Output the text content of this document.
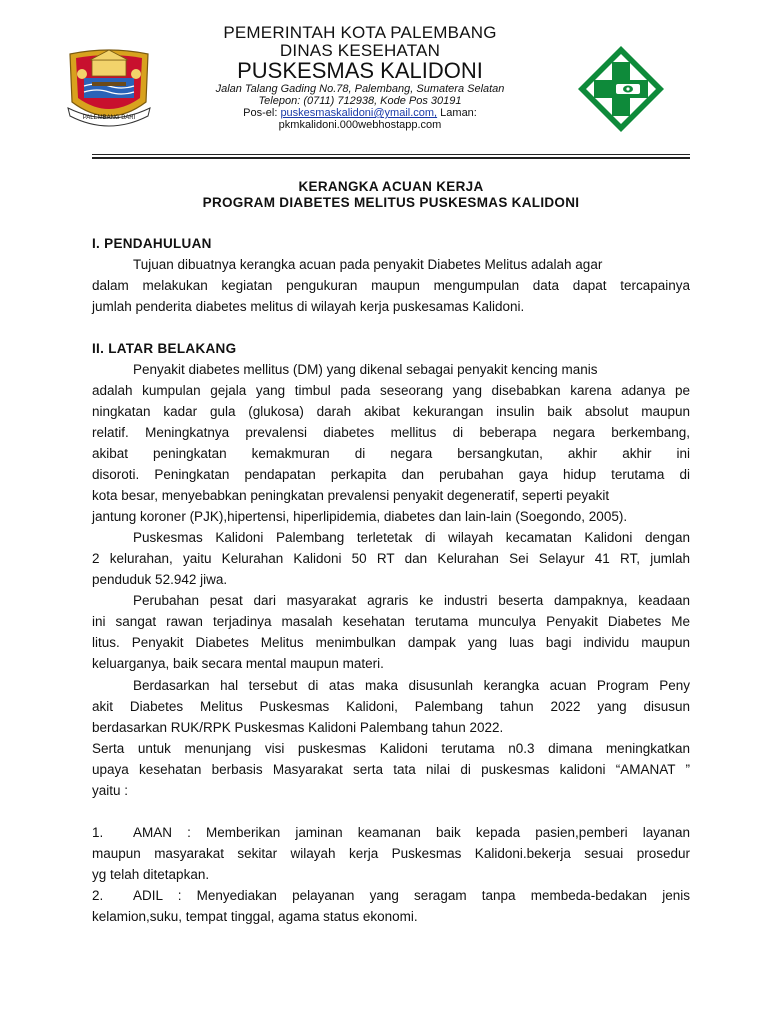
PALEMBANG BARI
PEMERINTAH KOTA PALEMBANG
DINAS KESEHATAN
PUSKESMAS KALIDONI
Jalan Talang Gading No.78, Palembang, Sumatera Selatan
Telepon: (0711) 712938, Kode Pos 30191
Pos-el: puskesmaskalidoni@ymail.com, Laman:
pkmkalidoni.000webhostapp.com
KERANGKA ACUAN KERJA
PROGRAM DIABETES MELITUS PUSKESMAS KALIDONI
I. PENDAHULUAN
Tujuan dibuatnya kerangka acuan pada penyakit Diabetes Melitus adalah agar
dalam melakukan kegiatan pengukuran maupun mengumpulan data dapat tercapainya
jumlah penderita diabetes melitus di wilayah kerja puskesamas Kalidoni.
II. LATAR BELAKANG
Penyakit diabetes mellitus (DM) yang dikenal sebagai penyakit kencing manis
adalah kumpulan gejala yang timbul pada seseorang yang disebabkan karena adanya pe
ningkatan kadar gula (glukosa) darah akibat kekurangan insulin baik absolut maupun
relatif. Meningkatnya prevalensi diabetes mellitus di beberapa negara berkembang,
akibat peningkatan kemakmuran di negara bersangkutan, akhir akhir ini
disoroti. Peningkatan pendapatan perkapita dan perubahan gaya hidup terutama di
kota besar, menyebabkan peningkatan prevalensi penyakit degeneratif, seperti peyakit
jantung koroner (PJK),hipertensi, hiperlipidemia, diabetes dan lain-lain (Soegondo, 2005).
Puskesmas Kalidoni Palembang terletetak di wilayah kecamatan Kalidoni dengan
2 kelurahan, yaitu Kelurahan Kalidoni 50 RT dan Kelurahan Sei Selayur 41 RT, jumlah
penduduk 52.942 jiwa.
Perubahan pesat dari masyarakat agraris ke industri beserta dampaknya, keadaan
ini sangat rawan terjadinya masalah kesehatan terutama munculya Penyakit Diabetes Me
litus. Penyakit Diabetes Melitus menimbulkan dampak yang luas bagi individu maupun
keluarganya, baik secara mental maupun materi.
Berdasarkan hal tersebut di atas maka disusunlah kerangka acuan Program Peny
akit Diabetes Melitus Puskesmas Kalidoni, Palembang tahun 2022 yang disusun
berdasarkan RUK/RPK Puskesmas Kalidoni Palembang tahun 2022.
Serta untuk menunjang visi puskesmas Kalidoni terutama n0.3 dimana meningkatkan
upaya kesehatan berbasis Masyarakat serta tata nilai di puskesmas kalidoni “AMANAT ”
yaitu :
1. AMAN : Memberikan jaminan keamanan baik kepada pasien,pemberi layanan
maupun masyarakat sekitar wilayah kerja Puskesmas Kalidoni.bekerja sesuai prosedur
yg telah ditetapkan.
2. ADIL : Menyediakan pelayanan yang seragam tanpa membeda-bedakan jenis
kelamion,suku, tempat tinggal, agama status ekonomi.
